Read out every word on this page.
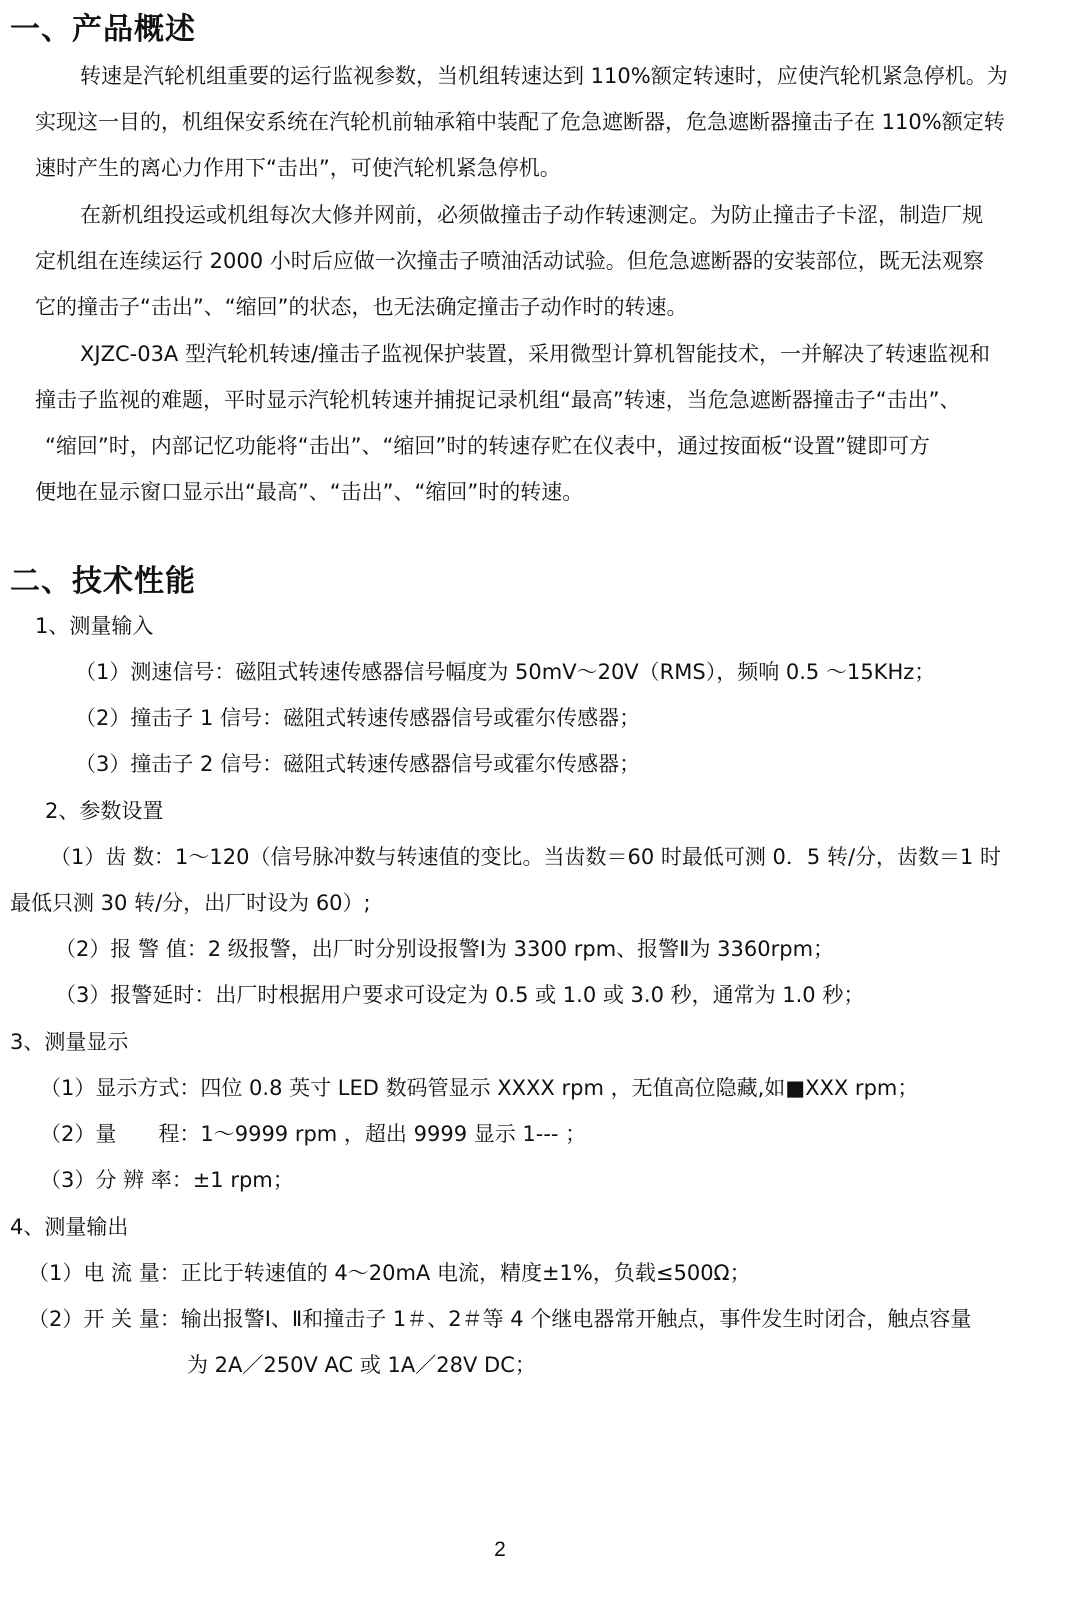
一、产品概述
转速是汽轮机组重要的运行监视参数，当机组转速达到 110%额定转速时，应使汽轮机紧急停机。为
实现这一目的，机组保安系统在汽轮机前轴承箱中装配了危急遮断器，危急遮断器撞击子在 110%额定转
速时产生的离心力作用下“击出”，可使汽轮机紧急停机。
在新机组投运或机组每次大修并网前，必须做撞击子动作转速测定。为防止撞击子卡涩，制造厂规
定机组在连续运行 2000 小时后应做一次撞击子喷油活动试验。但危急遮断器的安装部位，既无法观察
它的撞击子“击出”、“缩回”的状态，也无法确定撞击子动作时的转速。
XJZC-03A 型汽轮机转速/撞击子监视保护装置，采用微型计算机智能技术，一并解决了转速监视和
撞击子监视的难题，平时显示汽轮机转速并捕捉记录机组“最高”转速，当危急遮断器撞击子“击出”、
“缩回”时，内部记忆功能将“击出”、“缩回”时的转速存贮在仪表中，通过按面板“设置”键即可方
便地在显示窗口显示出“最高”、“击出”、“缩回”时的转速。
二、技术性能
1、测量输入
（1）测速信号：磁阻式转速传感器信号幅度为 50mV～20V（RMS），频响 0.5 ～15KHz；
（2）撞击子 1 信号：磁阻式转速传感器信号或霍尔传感器；
（3）撞击子 2 信号：磁阻式转速传感器信号或霍尔传感器；
2、参数设置
（1）齿 数：1～120（信号脉冲数与转速值的变比。当齿数＝60 时最低可测 0．5 转/分，齿数＝1 时
最低只测 30 转/分，出厂时设为 60）;
（2）报 警 值：2 级报警，出厂时分别设报警Ⅰ为 3300 rpm、报警Ⅱ为 3360rpm；
（3）报警延时：出厂时根据用户要求可设定为 0.5 或 1.0 或 3.0 秒，通常为 1.0 秒；
3、测量显示
（1）显示方式：四位 0.8 英寸 LED 数码管显示 XXXX rpm ，无值高位隐藏,如■XXX rpm；
（2）量　　程：1～9999 rpm ，超出 9999 显示 1--- ；
（3）分 辨 率：±1 rpm；
4、测量输出
（1）电 流 量：正比于转速值的 4～20mA 电流，精度±1%，负载≤500Ω；
（2）开 关 量：输出报警Ⅰ、Ⅱ和撞击子 1＃、2＃等 4 个继电器常开触点，事件发生时闭合，触点容量
为 2A／250V AC 或 1A／28V DC；
2
